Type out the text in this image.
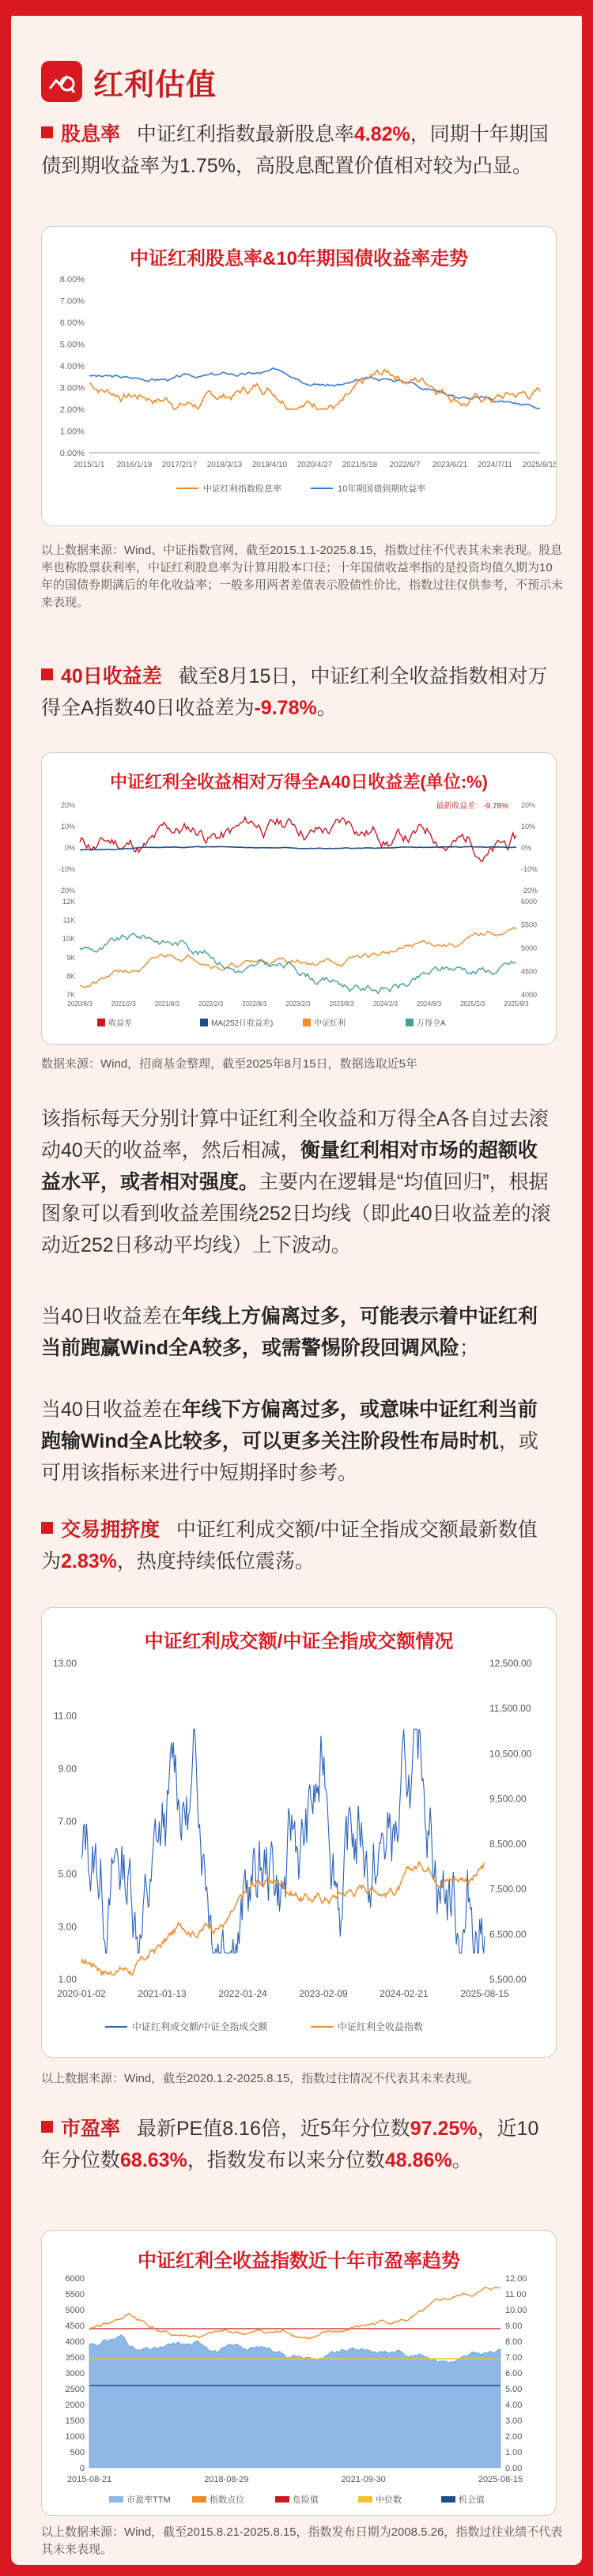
红利估值
股息率 中证红利指数最新股息率4.82%，同期十年期国债到期收益率为1.75%，高股息配置价值相对较为凸显。
中证红利股息率&10年期国债收益率走势
8.00%
7.00%
6.00%
5.00%
4.00%
3.00%
2.00%
1.00%
0.00%
2015/1/1 2016/1/19 2017/2/17 2018/3/13 2019/4/10 2020/4/27 2021/5/18 2022/6/7 2023/6/21 2024/7/11 2025/8/15
中证红利指数股息率	10年期国债到期收益率
以上数据来源：Wind、中证指数官网，截至2015.1.1-2025.8.15，指数过往不代表其未来表现。股息率也称股票获利率，中证红利股息率为计算用股本口径；十年国债收益率指的是投资均值久期为10年的国债券期满后的年化收益率；一般多用两者差值表示股债性价比，指数过往仅供参考，不预示未来表现。
40日收益差 截至8月15日，中证红利全收益指数相对万得全A指数40日收益差为-9.78%。
中证红利全收益相对万得全A40日收益差(单位:%)
最新收益差：-9.78%
20%	20%
10%	10%
0%	0%
-10%	-10%
-20%	-20%
12K
11K
10K
9K
8K
7K
6000
5500
5000
4500
4000
2020/8/3	2021/2/3	2021/8/3	2022/2/3	2022/8/3	2023/2/3	2023/8/3	2024/2/3	2024/8/3	2025/2/3	2025/8/3
收益差	MA(252日收益差)	中证红利	万得全A
数据来源：Wind，招商基金整理，截至2025年8月15日，数据选取近5年
该指标每天分别计算中证红利全收益和万得全A各自过去滚动40天的收益率，然后相减，衡量红利相对市场的超额收益水平，或者相对强度。主要内在逻辑是“均值回归”，根据图象可以看到收益差围绕252日均线（即此40日收益差的滚动近252日移动平均线）上下波动。
当40日收益差在年线上方偏离过多，可能表示着中证红利当前跑赢Wind全A较多，或需警惕阶段回调风险；
当40日收益差在年线下方偏离过多，或意味中证红利当前跑输Wind全A比较多，可以更多关注阶段性布局时机，或可用该指标来进行中短期择时参考。
交易拥挤度 中证红利成交额/中证全指成交额最新数值为2.83%，热度持续低位震荡。
中证红利成交额/中证全指成交额情况
13.00
11.00
9.00
7.00
5.00
3.00
1.00
12,500.00
11,500.00
10,500.00
9,500.00
8,500.00
7,500.00
6,500.00
5,500.00
2020-01-02	2021-01-13	2022-01-24	2023-02-09	2024-02-21	2025-08-15
中证红利成交额/中证全指成交额	中证红利全收益指数
以上数据来源：Wind，截至2020.1.2-2025.8.15，指数过往情况不代表其未来表现。
市盈率 最新PE值8.16倍，近5年分位数97.25%，近10年分位数68.63%，指数发布以来分位数48.86%。
中证红利全收益指数近十年市盈率趋势
6000
5500
5000
4500
4000
3500
3000
2500
2000
1500
1000
500
0
12.00
11.00
10.00
9.00
8.00
7.00
6.00
5.00
4.00
3.00
2.00
1.00
0.00
2015-08-21	2018-08-29	2021-09-30	2025-08-15
市盈率TTM	指数点位	危险值	中位数	机会值
以上数据来源：Wind，截至2015.8.21-2025.8.15，指数发布日期为2008.5.26，指数过往业绩不代表其未来表现。
